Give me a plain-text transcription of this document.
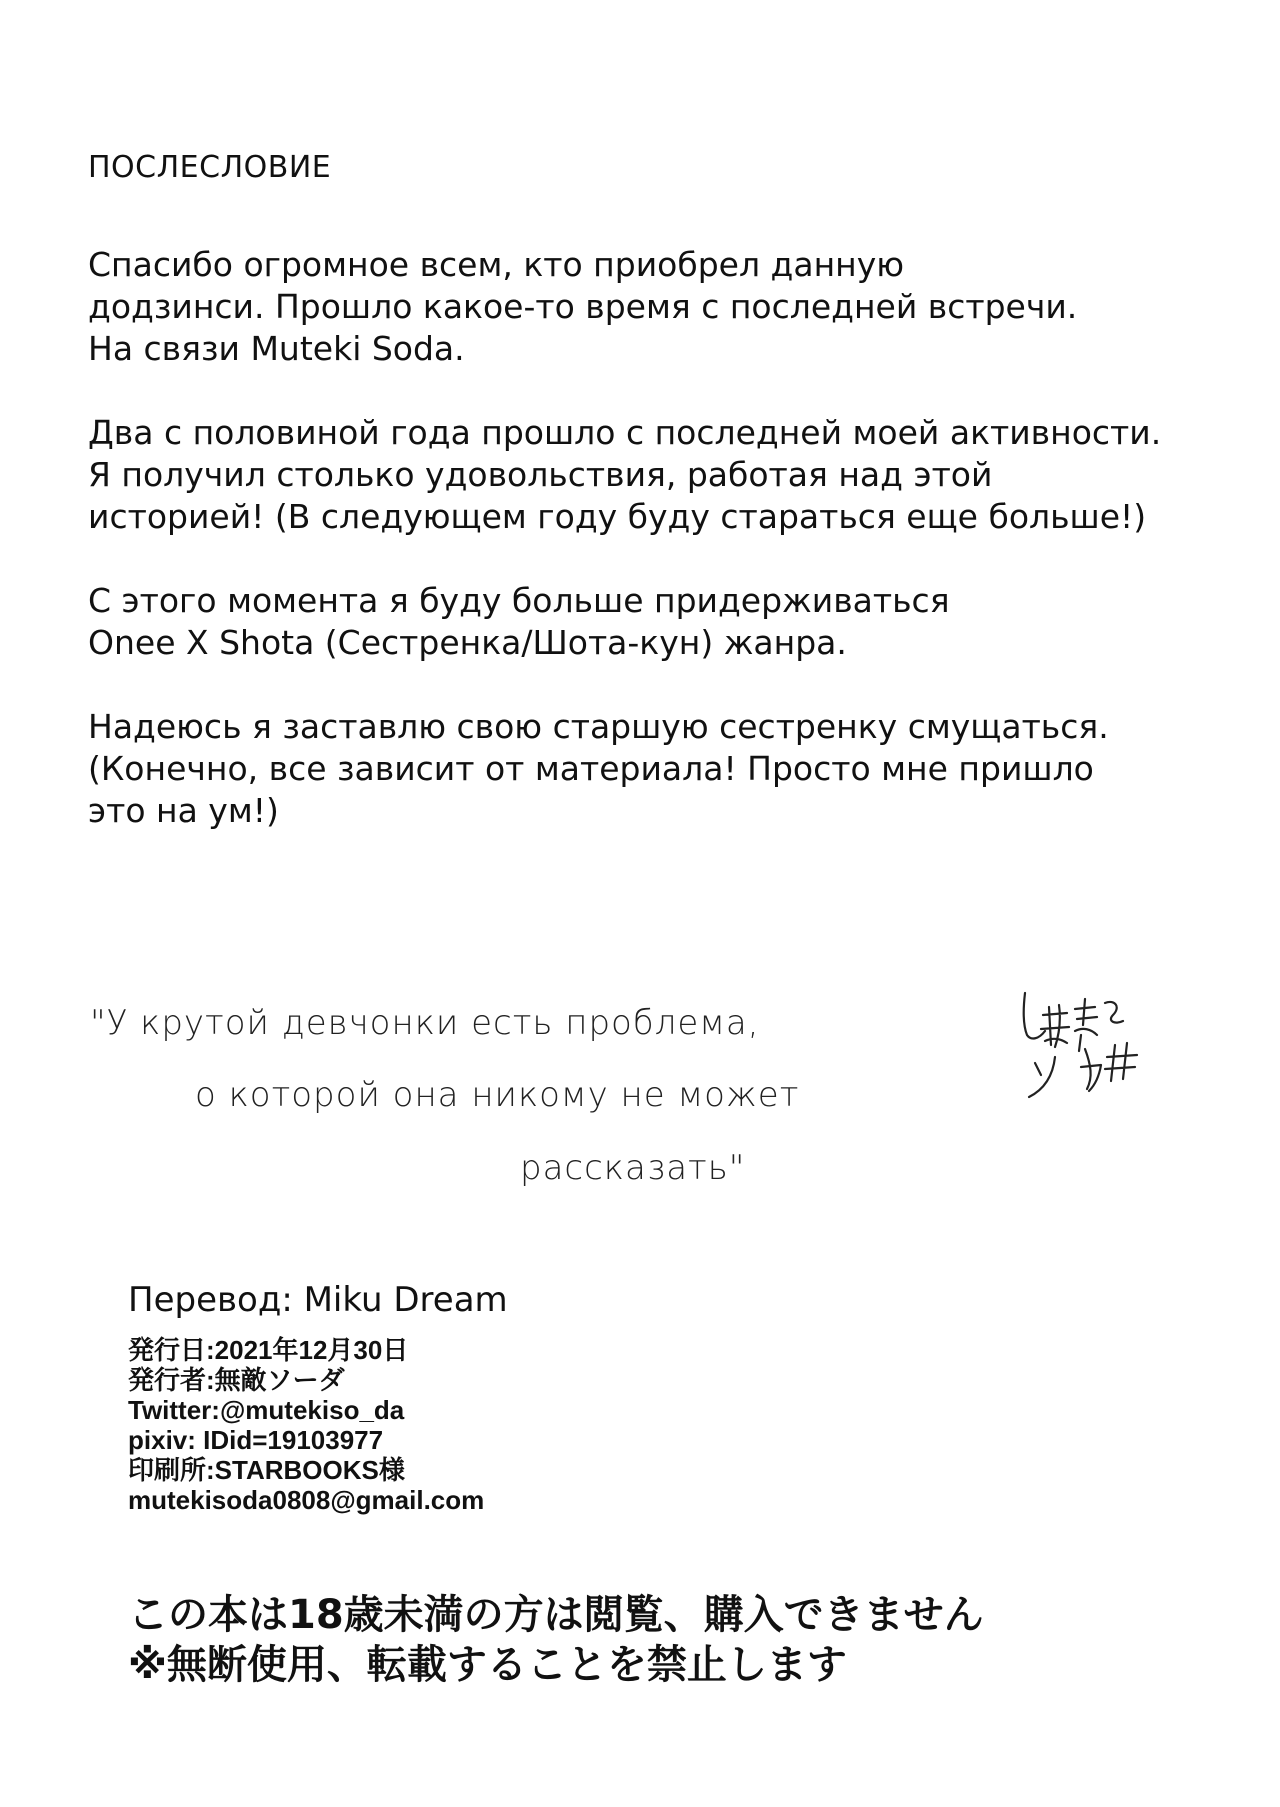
ПОСЛЕСЛОВИЕ
Спасибо огромное всем, кто приобрел данную
додзинси. Прошло какое-то время с последней встречи.
На связи Muteki Soda.
Два с половиной года прошло с последней моей активности.
Я получил столько удовольствия, работая над этой
историей! (В следующем году буду стараться еще больше!)
С этого момента я буду больше придерживаться
Onee X Shota (Сестренка/Шота-кун) жанра.
Надеюсь я заставлю свою старшую сестренку смущаться.
(Конечно, все зависит от материала! Просто мне пришло
это на ум!)
"У крутой девчонки есть проблема,
о которой она никому не может
рассказать"
Перевод: Miku Dream
発行日:2021年12月30日
発行者:無敵ソーダ
Twitter:@mutekiso_da
pixiv: IDid=19103977
印刷所:STARBOOKS様
mutekisoda0808@gmail.com
この本は18歳未満の方は閲覧、購入できません
※無断使用、転載することを禁止します
